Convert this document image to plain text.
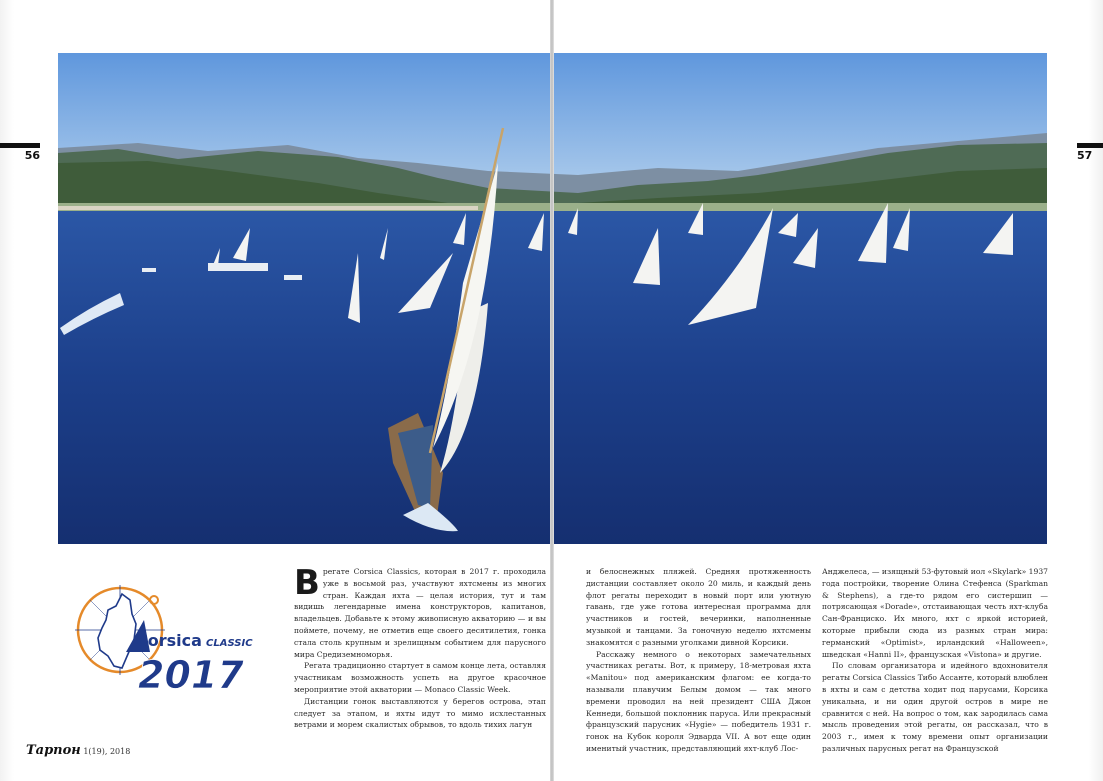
56	57
Corsica CLASSIC
2017
В регате Corsica Classics, которая в 2017 г. проходила уже в восьмой раз, участвуют яхтсмены из многих стран. Каждая яхта — целая история, тут и там видишь легендарные имена конструкторов, капитанов, владельцев. Добавьте к этому живописную акваторию — и вы поймете, почему, не отметив еще своего десятилетия, гонка стала столь крупным и зрелищным событием для парусного мира Средиземноморья.

Регата традиционно стартует в самом конце лета, оставляя участникам возможность успеть на другое красочное мероприятие этой акватории — Monaco Classic Week.

Дистанции гонок выставляются у берегов острова, этап следует за этапом, и яхты идут то мимо исхлестанных ветрами и морем скалистых обрывов, то вдоль тихих лагун

и белоснежных пляжей. Средняя протяженность дистанции составляет около 20 миль, и каждый день флот регаты переходит в новый порт или уютную гавань, где уже готова интересная программа для участников и гостей, вечеринки, наполненные музыкой и танцами. За гоночную неделю яхтсмены знакомятся с разными уголками дивной Корсики.

Расскажу немного о некоторых замечательных участниках регаты. Вот, к примеру, 18-метровая яхта «Manitou» под американским флагом: ее когда-то называли плавучим Белым домом — так много времени проводил на ней президент США Джон Кеннеди, большой поклонник паруса. Или прекрасный французский парусник «Hygie» — победитель 1931 г. гонок на Кубок короля Эдварда VII. А вот еще один именитый участник, представляющий яхт-клуб Лос-

Анджелеса, — изящный 53-футовый иол «Skylark» 1937 года постройки, творение Олина Стефенса (Sparkman & Stephens), а где-то рядом его систершип — потрясающая «Dorade», отстаивающая честь яхт-клуба Сан-Франциско. Их много, яхт с яркой историей, которые прибыли сюда из разных стран мира: германский «Optimist», ирландский «Halloween», шведская «Hanni II», французская «Vistona» и другие.

По словам организатора и идейного вдохновителя регаты Corsica Classics Тибо Ассанте, который влюблен в яхты и сам с детства ходит под парусами, Корсика уникальна, и ни один другой остров в мире не сравнится с ней. На вопрос о том, как зародилась сама мысль проведения этой регаты, он рассказал, что в 2003 г., имея к тому времени опыт организации различных парусных регат на Французской

Тарпон 1(19), 2018
